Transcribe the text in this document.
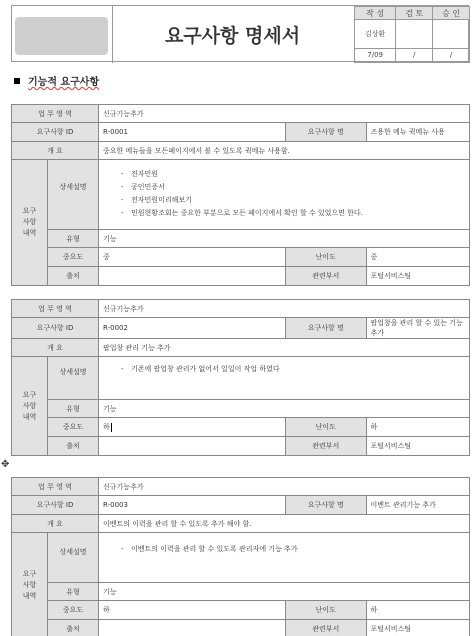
요구사항 명세서
작 성	검 토	승 인
김상환		
7/09	/	/
기능적 요구사항
업 무 영 역	신규기능추가
요구사항 ID	R-0001		요구사항 명	즈용한 메뉴 퀵메뉴 사용

개 요	중요한 메뉴들을 모든페이지에서 볼 수 있도록 퀵메뉴 사용함.
요구
사항
내역	상세설명	
- 전자민원
- 공인민증서
- 전자민원미리해보기
- 민원현황조회는 중요한 부분으로 모든 페이지에서 확인 할 수 있었으면 한다.

유형	기능
중요도	중		난이도	중

출처			관련부서	포털서비스팀
업 무 영 역	신규기능추가
요구사항 ID	R-0002		요구사항 명	팝업창을 관리 할 수 있는 기능 추가

개 요	팝업창 관리 기능 추가
요구
사항
내역	상세설명	
-기존에 팝업창 관리가 없어서 일일이 작업 하였다

유형	기능
중요도	하		난이도	하

출처			관련부서	포털서비스팀
✥
업 무 영 역	신규기능추가
요구사항 ID	R-0003		요구사항 명	이벤트 관리기능 추가

개 요	이벤트의 이력을 관리 할 수 있도록 추가 해야 함.
요구
사항
내역	상세설명	
-이벤트의 이력을 관리 할 수 있도록 관리자에 기능 추가

유형	기능
중요도	하		난이도	하

출처			관련부서	포털서비스팀
